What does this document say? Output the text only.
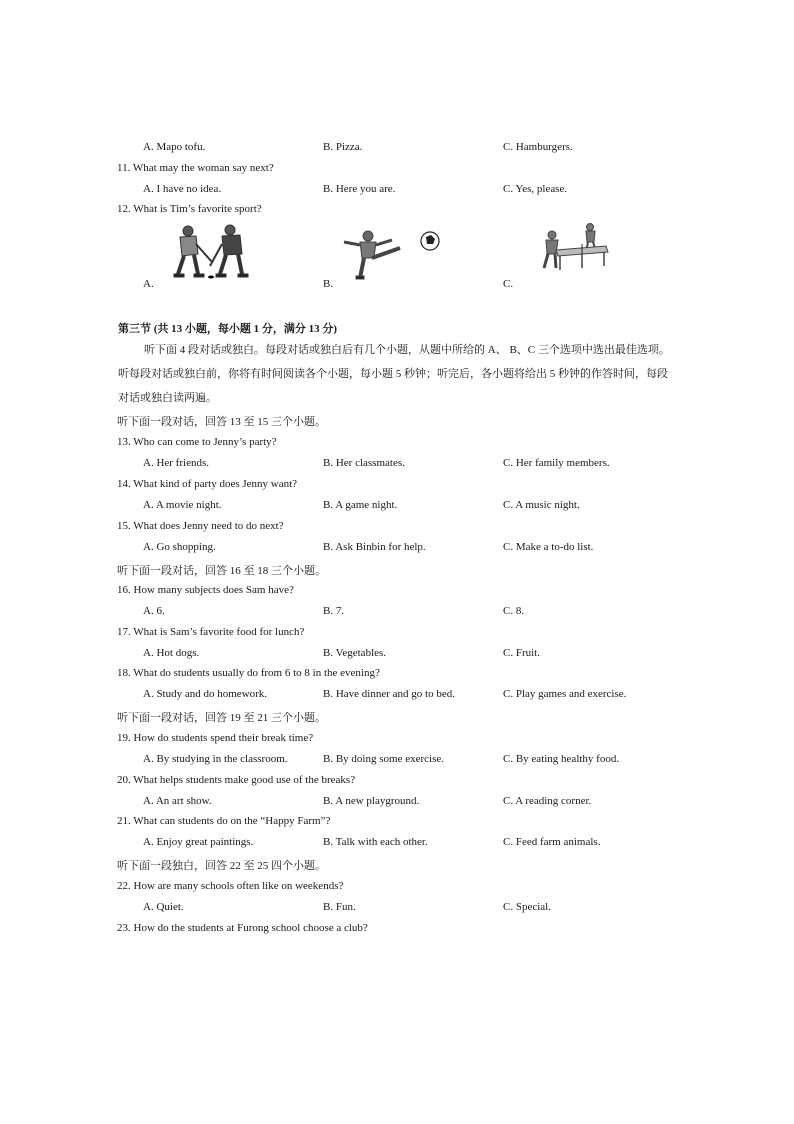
A. Mapo tofu.	B. Pizza.	C. Hamburgers.
11. What may the woman say next?
A. I have no idea.	B. Here you are.	C. Yes, please.
12. What is Tim’s favorite sport?
A.	B.	C.
第三节 (共 13 小题，每小题 1 分，满分 13 分)
听下面 4 段对话或独白。每段对话或独白后有几个小题，从题中所给的 A、 B、C 三个选项中选出最佳选项。听每段对话或独白前，你将有时间阅读各个小题，每小题 5 秒钟；听完后，各小题将给出 5 秒钟的作答时间，每段对话或独白读两遍。
听下面一段对话，回答 13 至 15 三个小题。
13. Who can come to Jenny’s party?
A. Her friends.	B. Her classmates.	C. Her family members.
14. What kind of party does Jenny want?
A. A movie night.	B. A game night.	C. A music night.
15. What does Jenny need to do next?
A. Go shopping.	B. Ask Binbin for help.	C. Make a to-do list.
听下面一段对话，回答 16 至 18 三个小题。
16. How many subjects does Sam have?
A. 6.	B. 7.	C. 8.
17. What is Sam’s favorite food for lunch?
A. Hot dogs.	B. Vegetables.	C. Fruit.
18. What do students usually do from 6 to 8 in the evening?
A. Study and do homework.	B. Have dinner and go to bed.	C. Play games and exercise.
听下面一段对话，回答 19 至 21 三个小题。
19. How do students spend their break time?
A. By studying in the classroom.	B. By doing some exercise.	C. By eating healthy food.
20. What helps students make good use of the breaks?
A. An art show.	B. A new playground.	C. A reading corner.
21. What can students do on the “Happy Farm”?
A. Enjoy great paintings.	B. Talk with each other.	C. Feed farm animals.
听下面一段独白，回答 22 至 25 四个小题。
22. How are many schools often like on weekends?
A. Quiet.	B. Fun.	C. Special.
23. How do the students at Furong school choose a club?
